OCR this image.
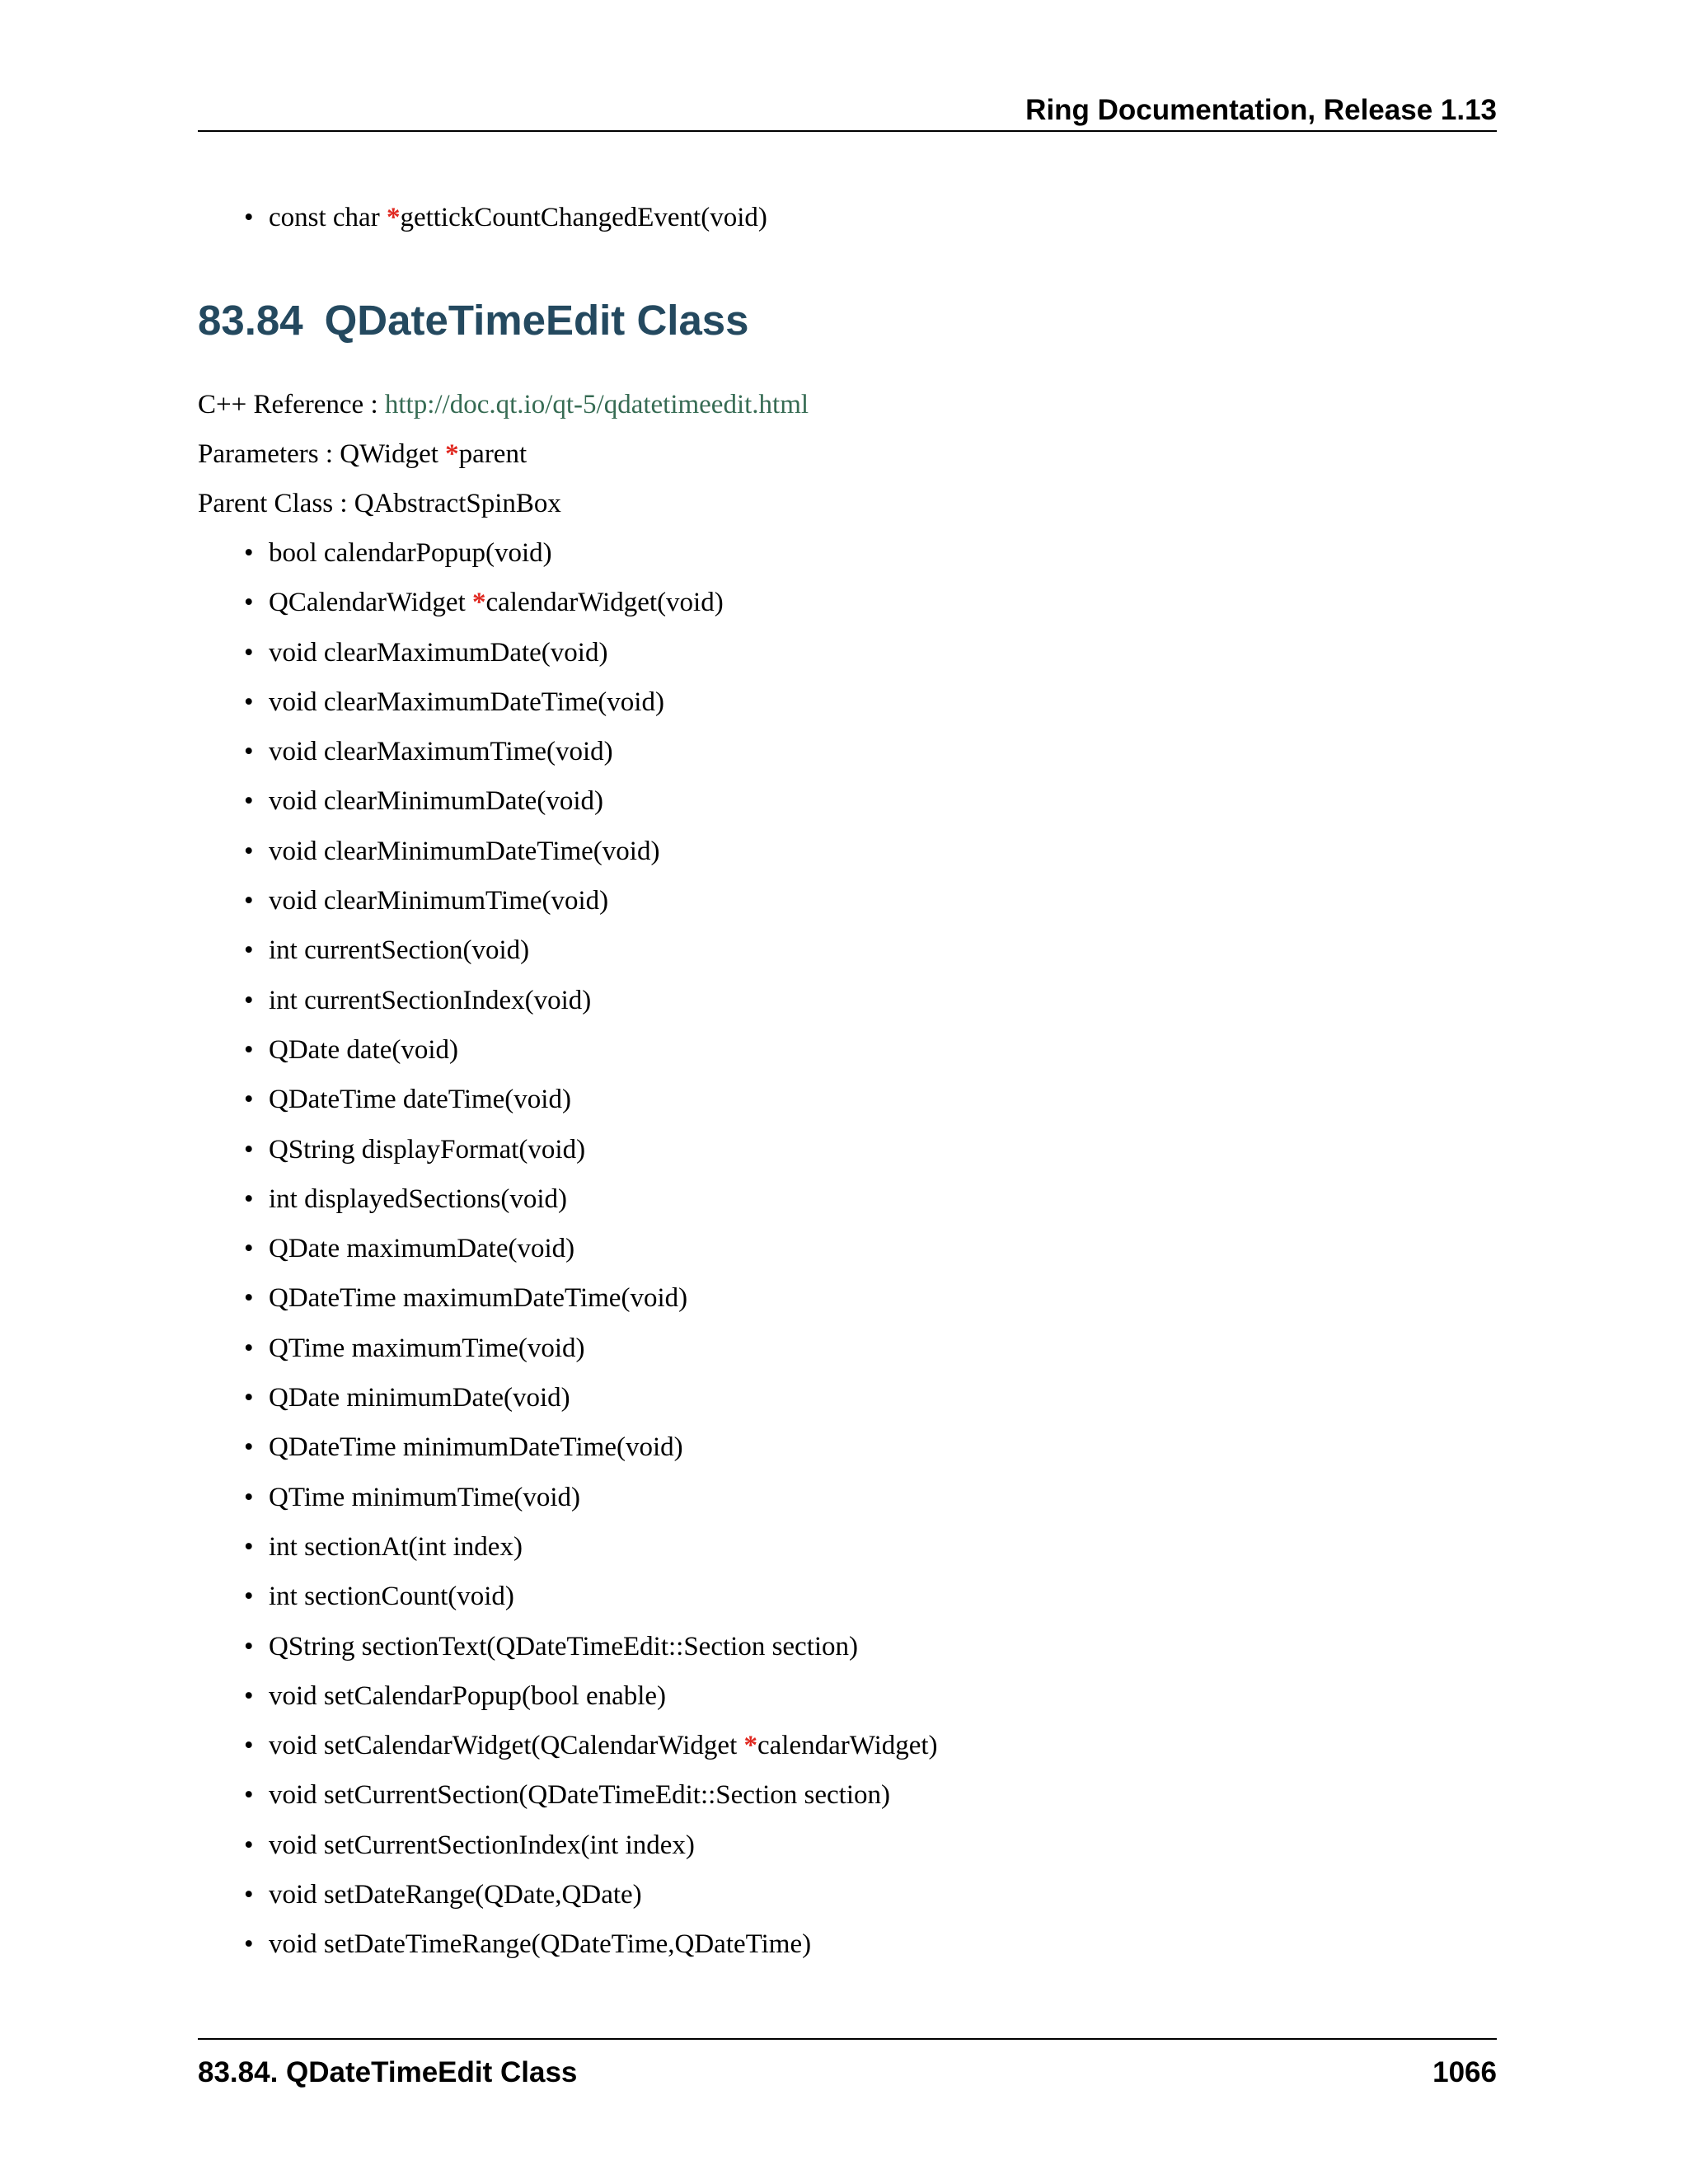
Ring Documentation, Release 1.13
• const char *gettickCountChangedEvent(void)
83.84 QDateTimeEdit Class
C++ Reference : http://doc.qt.io/qt-5/qdatetimeedit.html
Parameters : QWidget *parent
Parent Class : QAbstractSpinBox
• bool calendarPopup(void)
• QCalendarWidget *calendarWidget(void)
• void clearMaximumDate(void)
• void clearMaximumDateTime(void)
• void clearMaximumTime(void)
• void clearMinimumDate(void)
• void clearMinimumDateTime(void)
• void clearMinimumTime(void)
• int currentSection(void)
• int currentSectionIndex(void)
• QDate date(void)
• QDateTime dateTime(void)
• QString displayFormat(void)
• int displayedSections(void)
• QDate maximumDate(void)
• QDateTime maximumDateTime(void)
• QTime maximumTime(void)
• QDate minimumDate(void)
• QDateTime minimumDateTime(void)
• QTime minimumTime(void)
• int sectionAt(int index)
• int sectionCount(void)
• QString sectionText(QDateTimeEdit::Section section)
• void setCalendarPopup(bool enable)
• void setCalendarWidget(QCalendarWidget *calendarWidget)
• void setCurrentSection(QDateTimeEdit::Section section)
• void setCurrentSectionIndex(int index)
• void setDateRange(QDate,QDate)
• void setDateTimeRange(QDateTime,QDateTime)
83.84. QDateTimeEdit Class	1066
